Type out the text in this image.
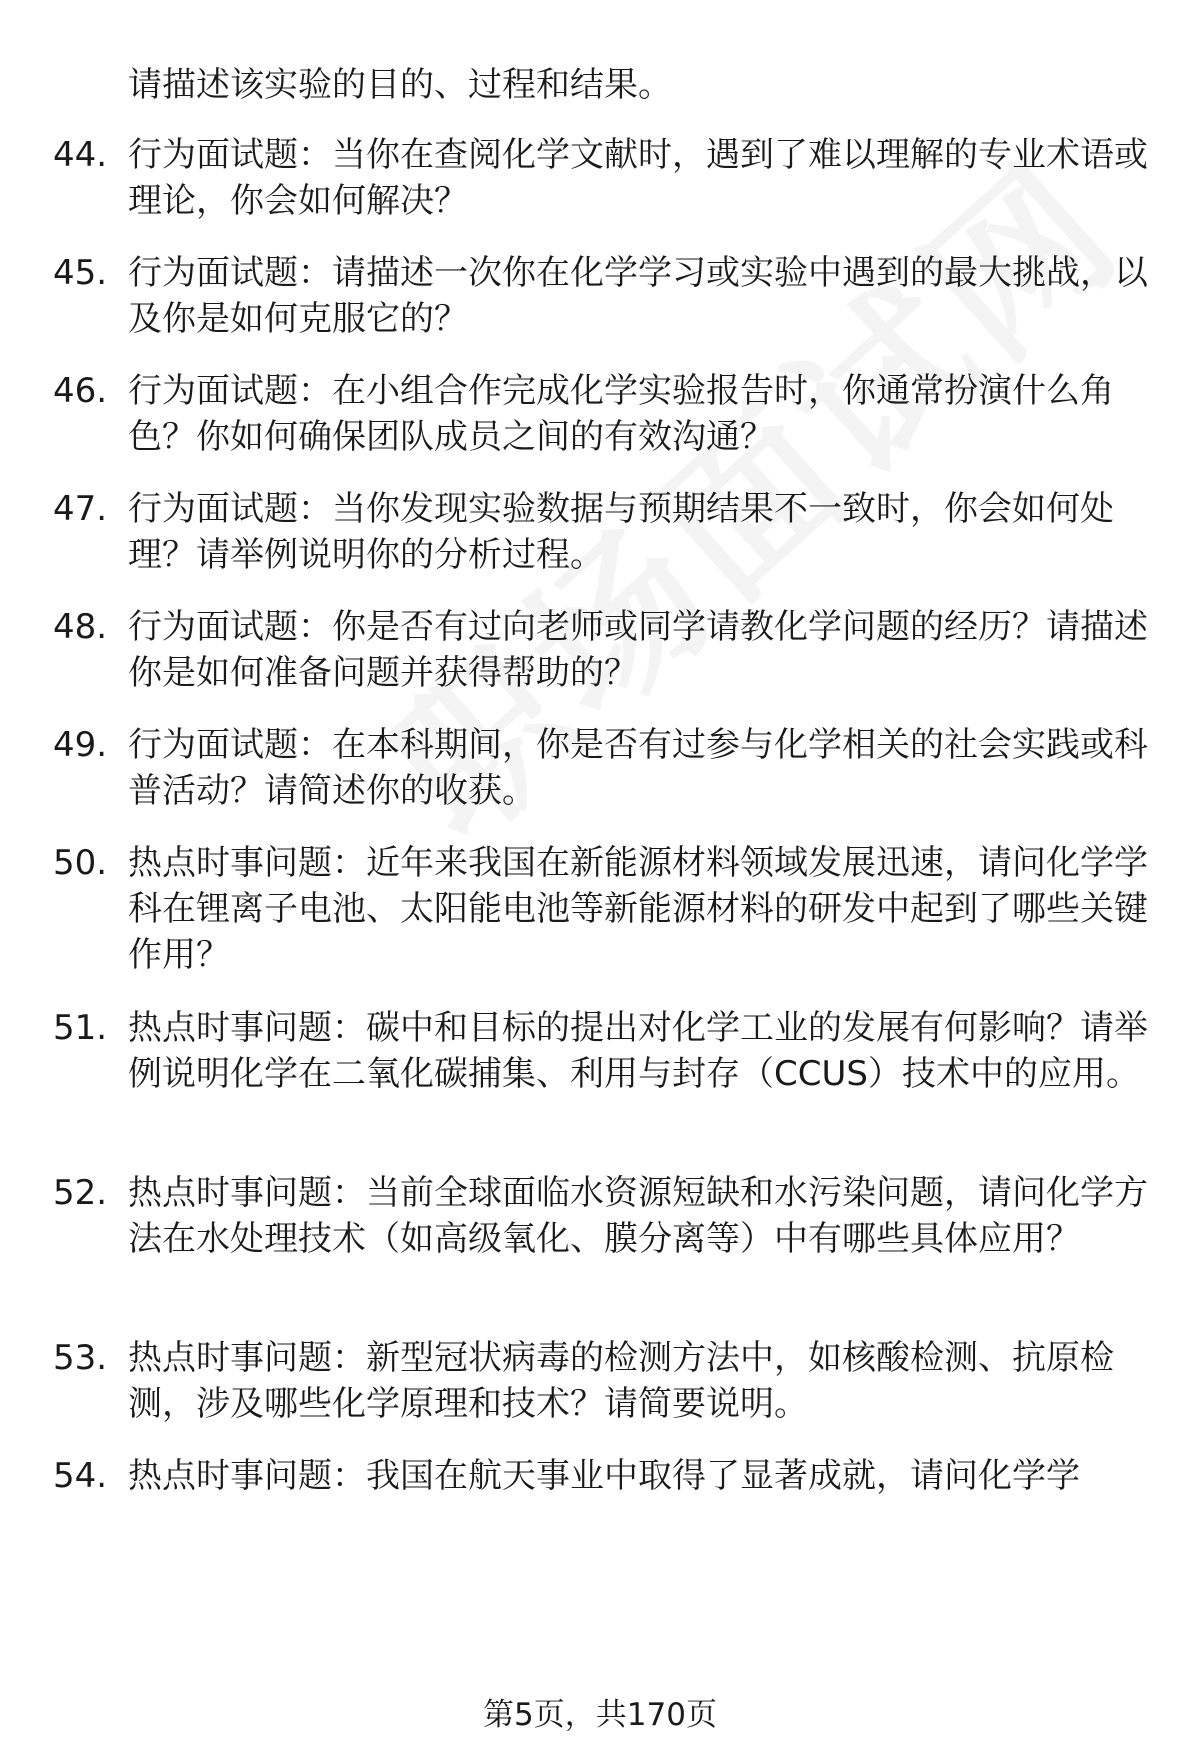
请描述该实验的目的、过程和结果。

44. 行为面试题：当你在查阅化学文献时，遇到了难以理解的专业术语或理论，你会如何解决？
45. 行为面试题：请描述一次你在化学学习或实验中遇到的最大挑战，以及你是如何克服它的？
46. 行为面试题：在小组合作完成化学实验报告时，你通常扮演什么角色？你如何确保团队成员之间的有效沟通？
47. 行为面试题：当你发现实验数据与预期结果不一致时，你会如何处理？请举例说明你的分析过程。
48. 行为面试题：你是否有过向老师或同学请教化学问题的经历？请描述你是如何准备问题并获得帮助的？
49. 行为面试题：在本科期间，你是否有过参与化学相关的社会实践或科普活动？请简述你的收获。
50. 热点时事问题：近年来我国在新能源材料领域发展迅速，请问化学学科在锂离子电池、太阳能电池等新能源材料的研发中起到了哪些关键作用？
51. 热点时事问题：碳中和目标的提出对化学工业的发展有何影响？请举例说明化学在二氧化碳捕集、利用与封存（CCUS）技术中的应用。
52. 热点时事问题：当前全球面临水资源短缺和水污染问题，请问化学方法在水处理技术（如高级氧化、膜分离等）中有哪些具体应用？
53. 热点时事问题：新型冠状病毒的检测方法中，如核酸检测、抗原检测，涉及哪些化学原理和技术？请简要说明。
54. 热点时事问题：我国在航天事业中取得了显著成就，请问化学学
第5页，共170页
